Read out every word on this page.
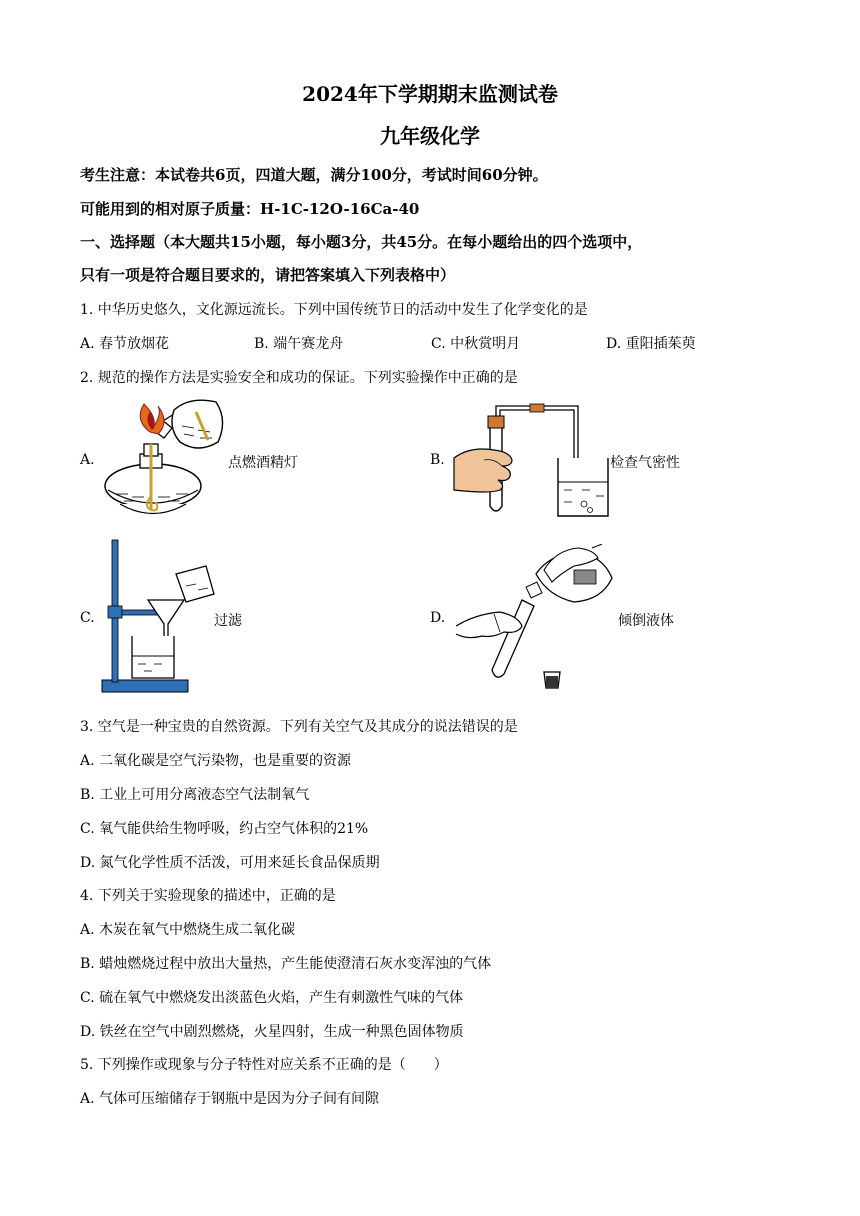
2024年下学期期末监测试卷
九年级化学
考生注意：本试卷共6页，四道大题，满分100分，考试时间60分钟。
可能用到的相对原子质量：H-1C-12O-16Ca-40
一、选择题（本大题共15小题，每小题3分，共45分。在每小题给出的四个选项中，
只有一项是符合题目要求的，请把答案填入下列表格中）
1. 中华历史悠久，文化源远流长。下列中国传统节日的活动中发生了化学变化的是
A. 春节放烟花	B. 端午赛龙舟	C. 中秋赏明月	D. 重阳插茱萸
2. 规范的操作方法是实验安全和成功的保证。下列实验操作中正确的是
A.	点燃酒精灯	B.	检查气密性
C.	过滤	D.	倾倒液体
3. 空气是一种宝贵的自然资源。下列有关空气及其成分的说法错误的是
A. 二氧化碳是空气污染物，也是重要的资源
B. 工业上可用分离液态空气法制氧气
C. 氧气能供给生物呼吸，约占空气体积的21%
D. 氮气化学性质不活泼，可用来延长食品保质期
4. 下列关于实验现象的描述中，正确的是
A. 木炭在氧气中燃烧生成二氧化碳
B. 蜡烛燃烧过程中放出大量热，产生能使澄清石灰水变浑浊的气体
C. 硫在氧气中燃烧发出淡蓝色火焰，产生有刺激性气味的气体
D. 铁丝在空气中剧烈燃烧，火星四射，生成一种黑色固体物质
5. 下列操作或现象与分子特性对应关系不正确的是（　　）
A. 气体可压缩储存于钢瓶中是因为分子间有间隙
